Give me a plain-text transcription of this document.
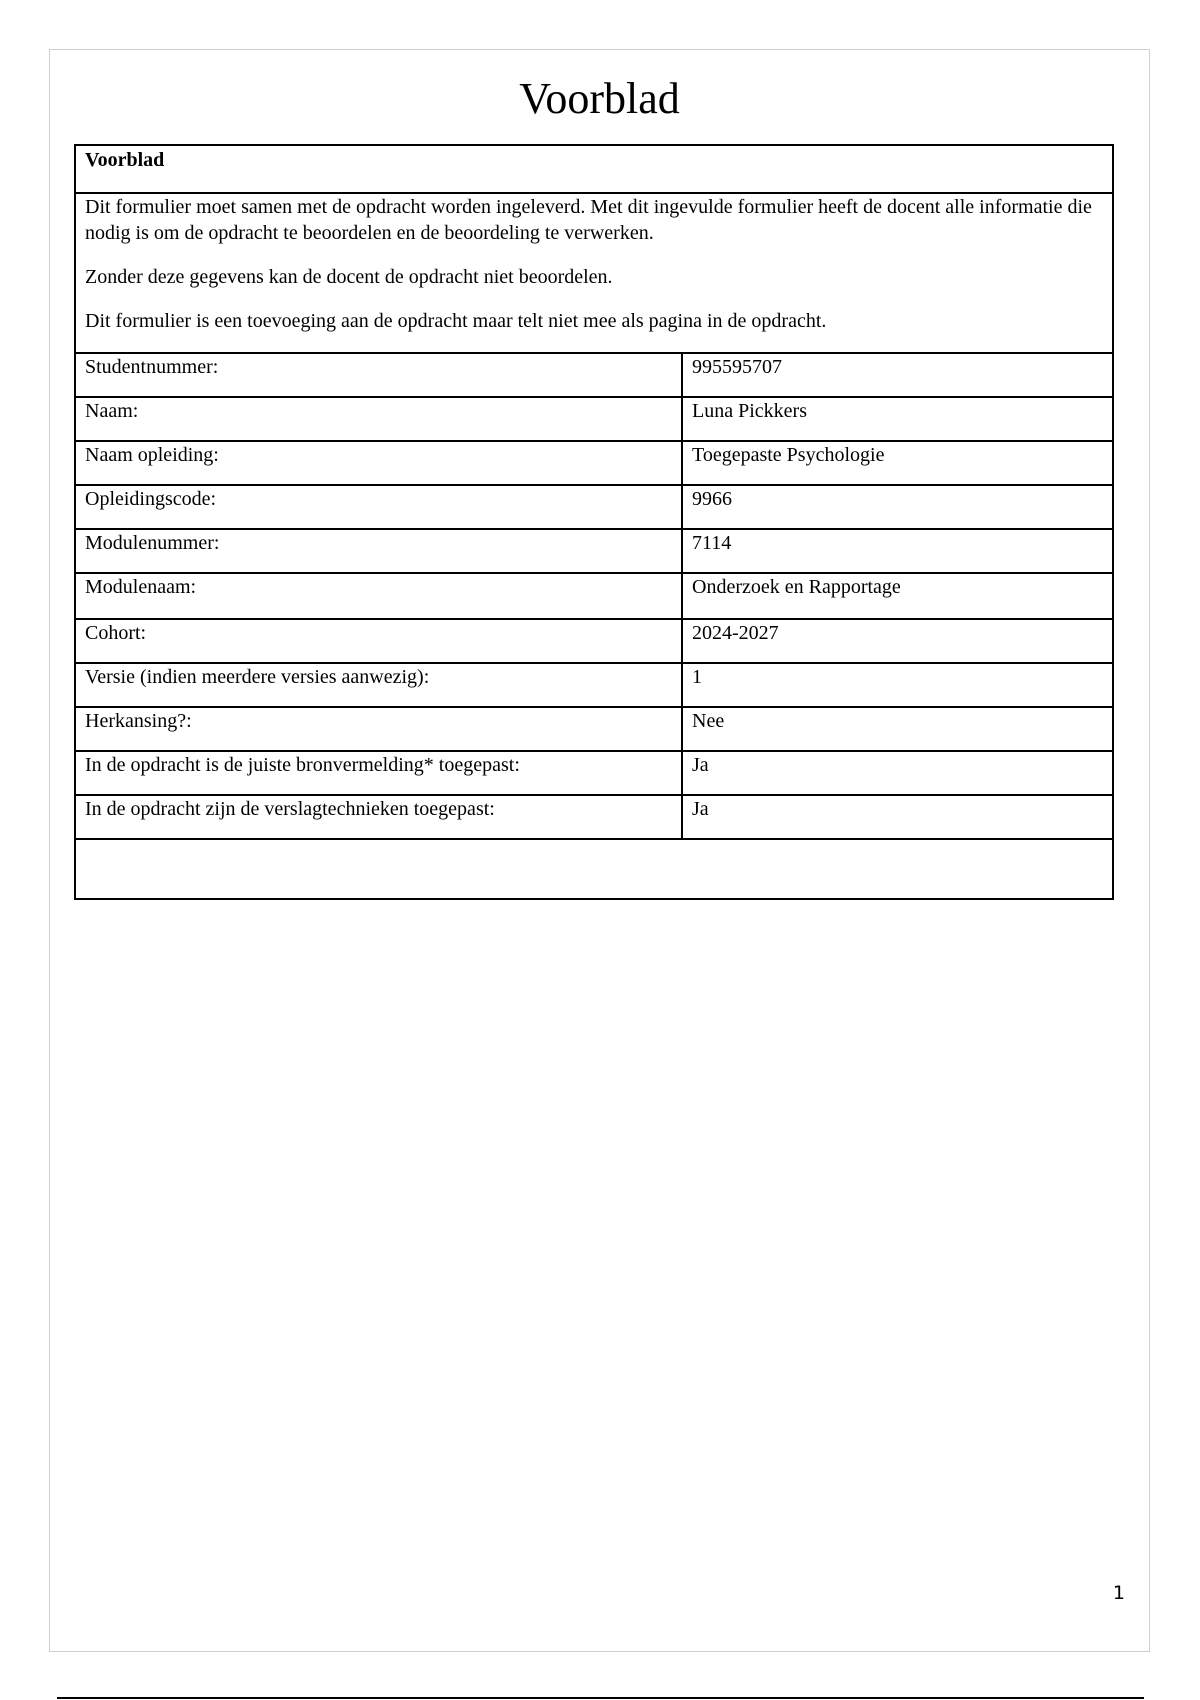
Voorblad
Voorblad	

Dit formulier moet samen met de opdracht worden ingeleverd. Met dit ingevulde formulier heeft de docent alle informatie die nodig is om de opdracht te beoordelen en de beoordeling te verwerken.

Zonder deze gegevens kan de docent de opdracht niet beoordelen.

Dit formulier is een toevoeging aan de opdracht maar telt niet mee als pagina in de opdracht.	

Studentnummer:	995595707
Naam:	Luna Pickkers
Naam opleiding:	Toegepaste Psychologie
Opleidingscode:	9966
Modulenummer:	7114
Modulenaam:	Onderzoek en Rapportage
Cohort:	2024-2027
Versie (indien meerdere versies aanwezig):	1
Herkansing?:	Nee
In de opdracht is de juiste bronvermelding* toegepast:	Ja
In de opdracht zijn de verslagtechnieken toegepast:	Ja

1
